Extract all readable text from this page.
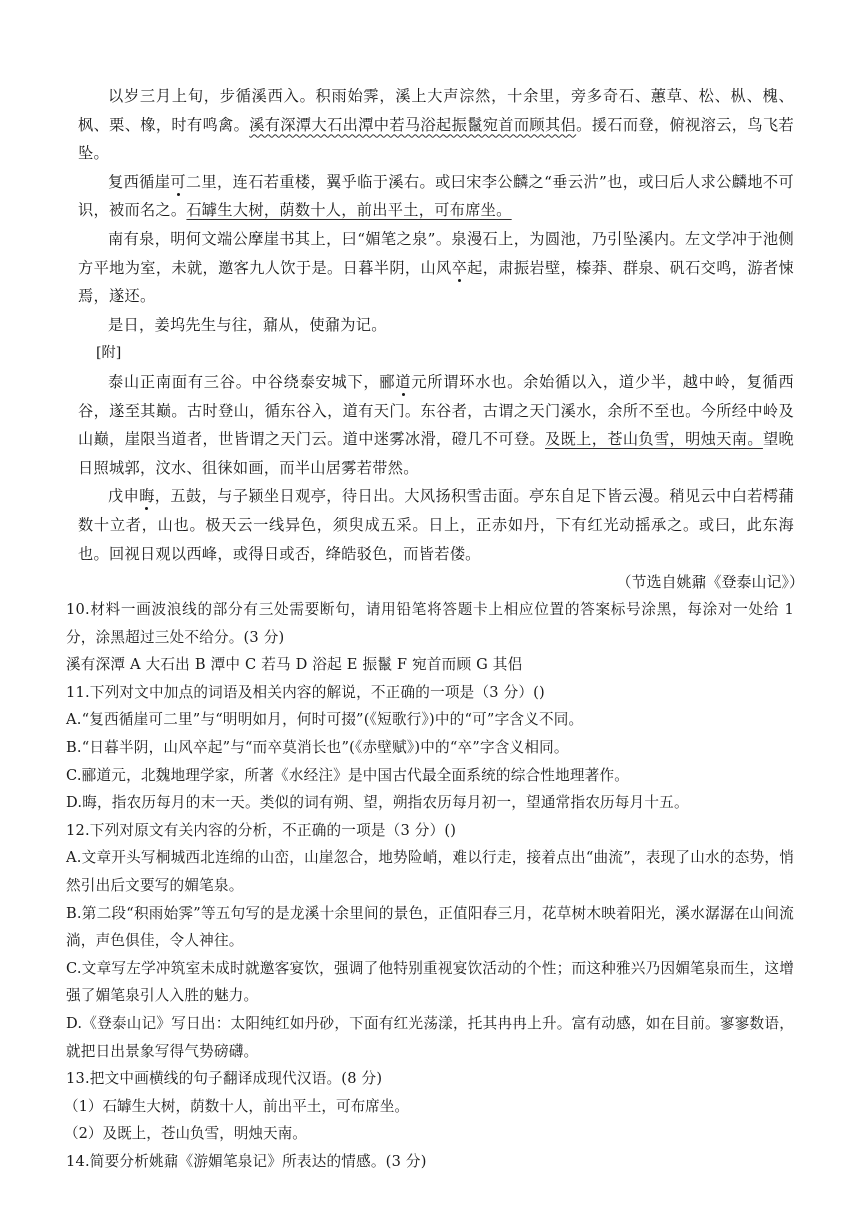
以岁三月上旬，步循溪西入。积雨始霁，溪上大声淙然，十余里，旁多奇石、蕙草、松、枞、槐、枫、栗、橡，时有鸣禽。溪有深潭大石出潭中若马浴起振鬣宛首而顾其侣。援石而登，俯视溶云，鸟飞若坠。

复西循崖可二里，连石若重楼，翼乎临于溪右。或曰宋李公麟之“垂云沜”也，或曰后人求公麟地不可识，被而名之。石罅生大树，荫数十人，前出平土，可布席坐。

南有泉，明何文端公摩崖书其上，曰“媚笔之泉”。泉漫石上，为圆池，乃引坠溪内。左文学冲于池侧方平地为室，未就，邀客九人饮于是。日暮半阴，山风卒起，肃振岩壁，榛莽、群泉、矾石交鸣，游者悚焉，遂还。

是日，姜坞先生与往，鼐从，使鼐为记。

[附]

泰山正南面有三谷。中谷绕泰安城下，郦道元所谓环水也。余始循以入，道少半，越中岭，复循西谷，遂至其巅。古时登山，循东谷入，道有天门。东谷者，古谓之天门溪水，余所不至也。今所经中岭及山巅，崖限当道者，世皆谓之天门云。道中迷雾冰滑，磴几不可登。及既上，苍山负雪，明烛天南。望晚日照城郭，汶水、徂徕如画，而半山居雾若带然。

戊申晦，五鼓，与子颍坐日观亭，待日出。大风扬积雪击面。亭东自足下皆云漫。稍见云中白若樗蒱数十立者，山也。极天云一线异色，须臾成五采。日上，正赤如丹，下有红光动摇承之。或曰，此东海也。回视日观以西峰，或得日或否，绛皓驳色，而皆若偻。

（节选自姚鼐《登泰山记》）

10.材料一画波浪线的部分有三处需要断句，请用铅笔将答题卡上相应位置的答案标号涂黑，每涂对一处给 1 分，涂黑超过三处不给分。(3 分)

溪有深潭 A 大石出 B 潭中 C 若马 D 浴起 E 振鬣 F 宛首而顾 G 其侣

11.下列对文中加点的词语及相关内容的解说，不正确的一项是（3 分）()

A.“复西循崖可二里”与“明明如月，何时可掇”(《短歌行》)中的“可”字含义不同。

B.“日暮半阴，山风卒起”与“而卒莫消长也”(《赤壁赋》)中的“卒”字含义相同。

C.郦道元，北魏地理学家，所著《水经注》是中国古代最全面系统的综合性地理著作。

D.晦，指农历每月的末一天。类似的词有朔、望，朔指农历每月初一，望通常指农历每月十五。

12.下列对原文有关内容的分析，不正确的一项是（3 分）()

A.文章开头写桐城西北连绵的山峦，山崖忽合，地势险峭，难以行走，接着点出“曲流”，表现了山水的态势，悄然引出后文要写的媚笔泉。

B.第二段“积雨始霁”等五句写的是龙溪十余里间的景色，正值阳春三月，花草树木映着阳光，溪水潺潺在山间流淌，声色俱佳，令人神往。

C.文章写左学冲筑室未成时就邀客宴饮，强调了他特别重视宴饮活动的个性；而这种雅兴乃因媚笔泉而生，这增强了媚笔泉引人入胜的魅力。

D.《登泰山记》写日出：太阳纯红如丹砂，下面有红光荡漾，托其冉冉上升。富有动感，如在目前。寥寥数语，就把日出景象写得气势磅礴。

13.把文中画横线的句子翻译成现代汉语。(8 分)

（1）石罅生大树，荫数十人，前出平土，可布席坐。

（2）及既上，苍山负雪，明烛天南。

14.简要分析姚鼐《游媚笔泉记》所表达的情感。(3 分)
